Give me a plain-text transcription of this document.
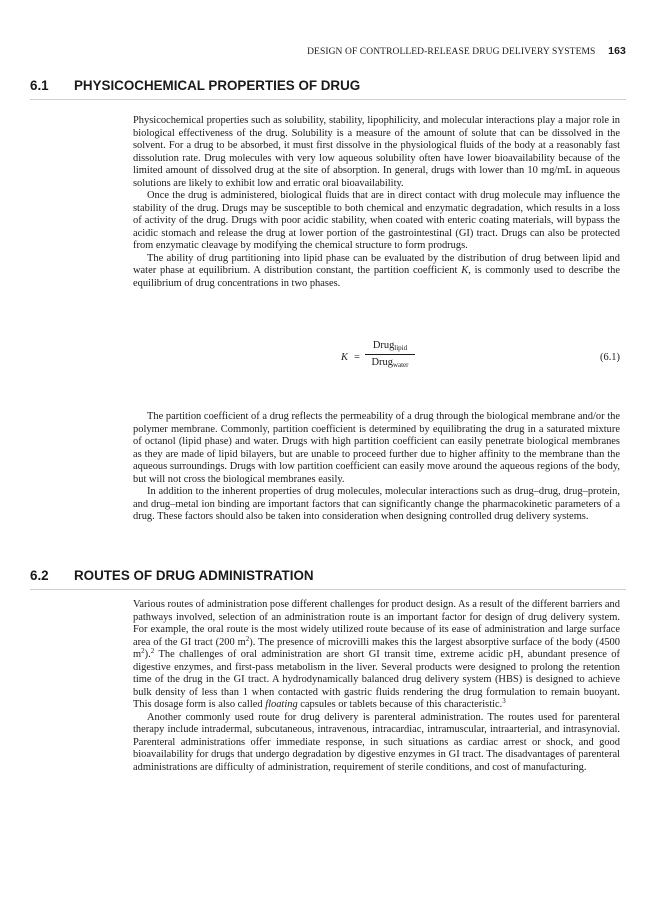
DESIGN OF CONTROLLED-RELEASE DRUG DELIVERY SYSTEMS 163
6.1 PHYSICOCHEMICAL PROPERTIES OF DRUG

Physicochemical properties such as solubility, stability, lipophilicity, and molecular interactions play a major role in biological effectiveness of the drug. Solubility is a measure of the amount of solute that can be dissolved in the solvent. For a drug to be absorbed, it must first dissolve in the physiological fluids of the body at a reasonably fast dissolution rate. Drug molecules with very low aqueous solubility often have lower bioavailability because of the limited amount of dissolved drug at the site of absorption. In general, drugs with lower than 10 mg/mL in aqueous solutions are likely to exhibit low and erratic oral bioavailability.

Once the drug is administered, biological fluids that are in direct contact with drug molecule may influence the stability of the drug. Drugs may be susceptible to both chemical and enzymatic degradation, which results in a loss of activity of the drug. Drugs with poor acidic stability, when coated with enteric coating materials, will bypass the acidic stomach and release the drug at lower portion of the gastrointestinal (GI) tract. Drugs can also be protected from enzymatic cleavage by modifying the chemical structure to form prodrugs.

The ability of drug partitioning into lipid phase can be evaluated by the distribution of drug between lipid and water phase at equilibrium. A distribution constant, the partition coefficient K, is commonly used to describe the equilibrium of drug concentrations in two phases.

K =
Drug$_{lipid}$
Drug$_{water}$
(6.1)

The partition coefficient of a drug reflects the permeability of a drug through the biological membrane and/or the polymer membrane. Commonly, partition coefficient is determined by equilibrating the drug in a saturated mixture of octanol (lipid phase) and water. Drugs with high partition coefficient can easily penetrate biological membranes as they are made of lipid bilayers, but are unable to proceed further due to higher affinity to the membrane than the aqueous surroundings. Drugs with low partition coefficient can easily move around the aqueous regions of the body, but will not cross the biological membranes easily.

In addition to the inherent properties of drug molecules, molecular interactions such as drug–drug, drug–protein, and drug–metal ion binding are important factors that can significantly change the pharmacokinetic parameters of a drug. These factors should also be taken into consideration when designing controlled drug delivery systems.

6.2 ROUTES OF DRUG ADMINISTRATION

Various routes of administration pose different challenges for product design. As a result of the different barriers and pathways involved, selection of an administration route is an important factor for design of drug delivery system. For example, the oral route is the most widely utilized route because of its ease of administration and large surface area of the GI tract (200 $m^2$). The presence of microvilli makes this the largest absorptive surface of the body (4500 $m^2).^2$ The challenges of oral administration are short GI transit time, extreme acidic pH, abundant presence of digestive enzymes, and first-pass metabolism in the liver. Several products were designed to prolong the retention time of the drug in the GI tract. A hydrodynamically balanced drug delivery system (HBS) is designed to achieve bulk density of less than 1 when contacted with gastric fluids rendering the drug formulation to remain buoyant. This dosage form is also called floating capsules or tablets because of this characteristic.$^3$

Another commonly used route for drug delivery is parenteral administration. The routes used for parenteral therapy include intradermal, subcutaneous, intravenous, intracardiac, intramuscular, intraarterial, and intrasynovial. Parenteral administrations offer immediate response, in such situations as cardiac arrest or shock, and good bioavailability for drugs that undergo degradation by digestive enzymes in GI tract. The disadvantages of parenteral administrations are difficulty of administration, requirement of sterile conditions, and cost of manufacturing.
